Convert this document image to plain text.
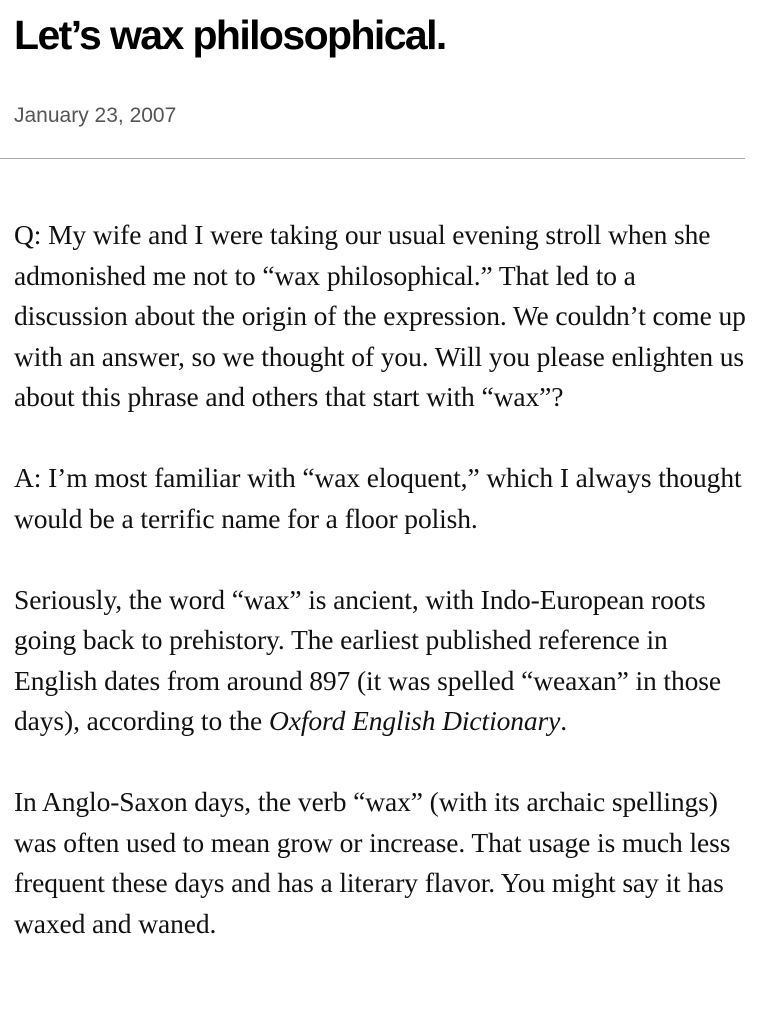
Let’s wax philosophical.
January 23, 2007

Q: My wife and I were taking our usual evening stroll when she admonished me not to “wax philosophical.” That led to a discussion about the origin of the expression. We couldn’t come up with an answer, so we thought of you. Will you please enlighten us about this phrase and others that start with “wax”?

A: I’m most familiar with “wax eloquent,” which I always thought would be a terrific name for a floor polish.

Seriously, the word “wax” is ancient, with Indo-European roots going back to prehistory. The earliest published reference in English dates from around 897 (it was spelled “weaxan” in those days), according to the Oxford English Dictionary.

In Anglo-Saxon days, the verb “wax” (with its archaic spellings) was often used to mean grow or increase. That usage is much less frequent these days and has a literary flavor. You might say it has waxed and waned.
